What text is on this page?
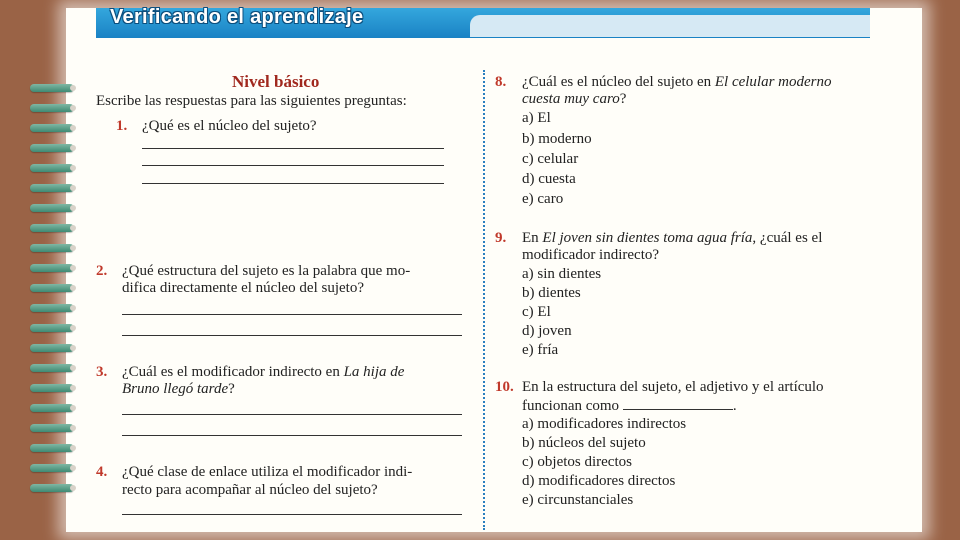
Verificando el aprendizaje
Nivel básico
Escribe las respuestas para las siguientes preguntas:
1. ¿Qué es el núcleo del sujeto?
2. ¿Qué estructura del sujeto es la palabra que mo-
difica directamente el núcleo del sujeto?
3. ¿Cuál es el modificador indirecto en La hija de
Bruno llegó tarde?
4. ¿Qué clase de enlace utiliza el modificador indi-
recto para acompañar al núcleo del sujeto?
8. ¿Cuál es el núcleo del sujeto en El celular moderno
cuesta muy caro?
a) El
b) moderno
c) celular
d) cuesta
e) caro
9. En El joven sin dientes toma agua fría, ¿cuál es el
modificador indirecto?
a) sin dientes
b) dientes
c) El
d) joven
e) fría
10. En la estructura del sujeto, el adjetivo y el artículo
funcionan como	.
a) modificadores indirectos
b) núcleos del sujeto
c) objetos directos
d) modificadores directos
e) circunstanciales
